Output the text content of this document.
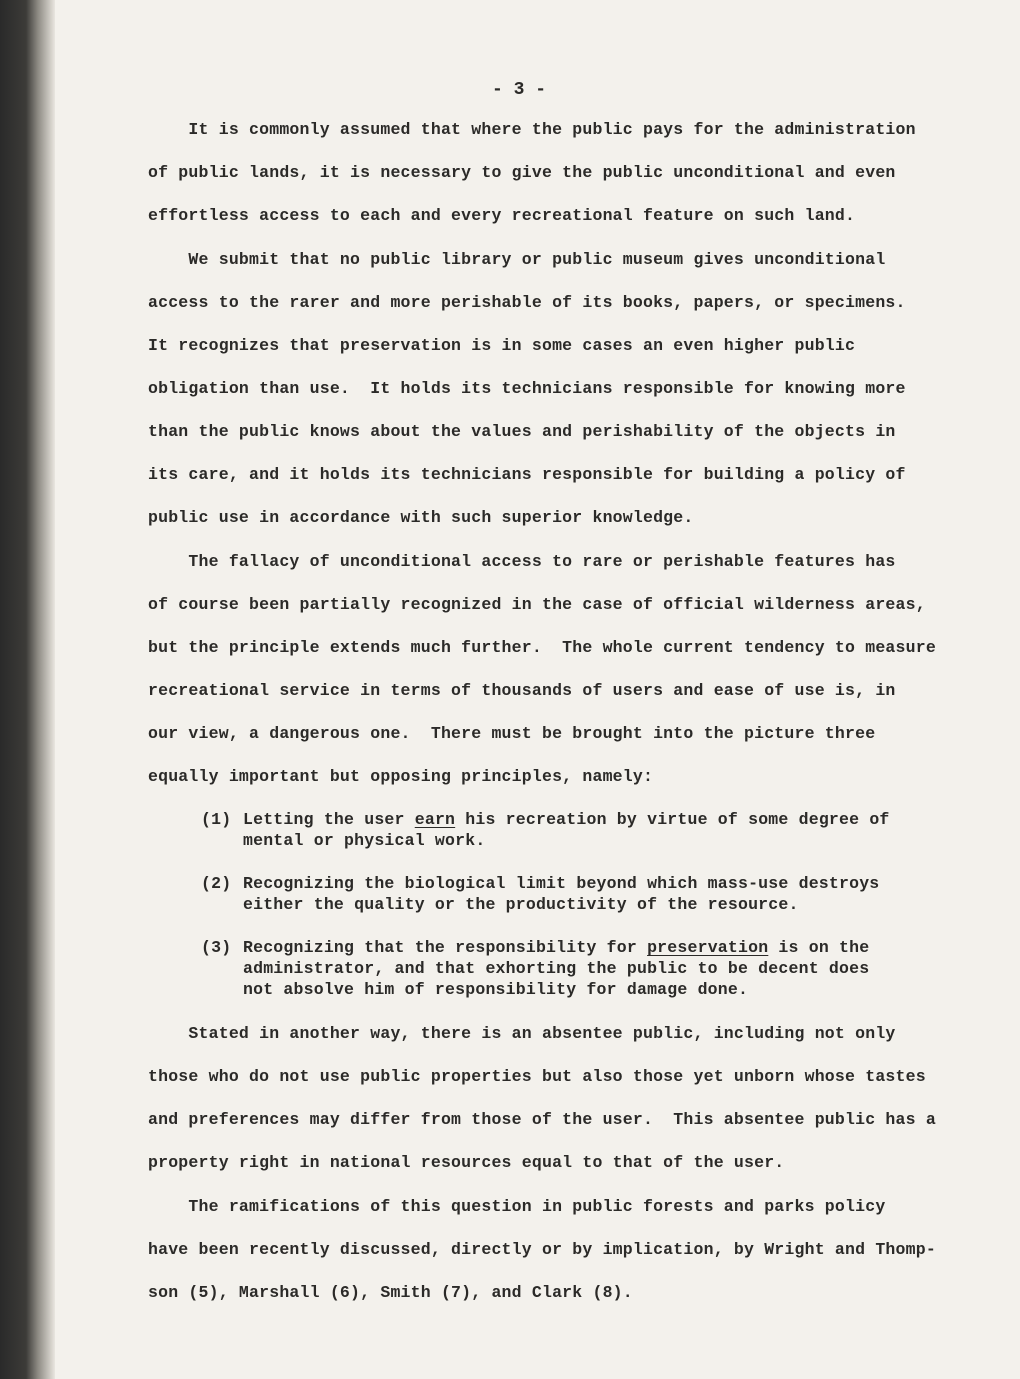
- 3 -
It is commonly assumed that where the public pays for the administration
of public lands, it is necessary to give the public unconditional and even
effortless access to each and every recreational feature on such land.
We submit that no public library or public museum gives unconditional
access to the rarer and more perishable of its books, papers, or specimens.
It recognizes that preservation is in some cases an even higher public
obligation than use.  It holds its technicians responsible for knowing more
than the public knows about the values and perishability of the objects in
its care, and it holds its technicians responsible for building a policy of
public use in accordance with such superior knowledge.
The fallacy of unconditional access to rare or perishable features has
of course been partially recognized in the case of official wilderness areas,
but the principle extends much further.  The whole current tendency to measure
recreational service in terms of thousands of users and ease of use is, in
our view, a dangerous one.  There must be brought into the picture three
equally important but opposing principles, namely:
(1) Letting the user earn his recreation by virtue of some degree of
mental or physical work.
(2) Recognizing the biological limit beyond which mass-use destroys
either the quality or the productivity of the resource.
(3) Recognizing that the responsibility for preservation is on the
administrator, and that exhorting the public to be decent does
not absolve him of responsibility for damage done.
Stated in another way, there is an absentee public, including not only
those who do not use public properties but also those yet unborn whose tastes
and preferences may differ from those of the user.  This absentee public has a
property right in national resources equal to that of the user.
The ramifications of this question in public forests and parks policy
have been recently discussed, directly or by implication, by Wright and Thomp-
son (5), Marshall (6), Smith (7), and Clark (8).
